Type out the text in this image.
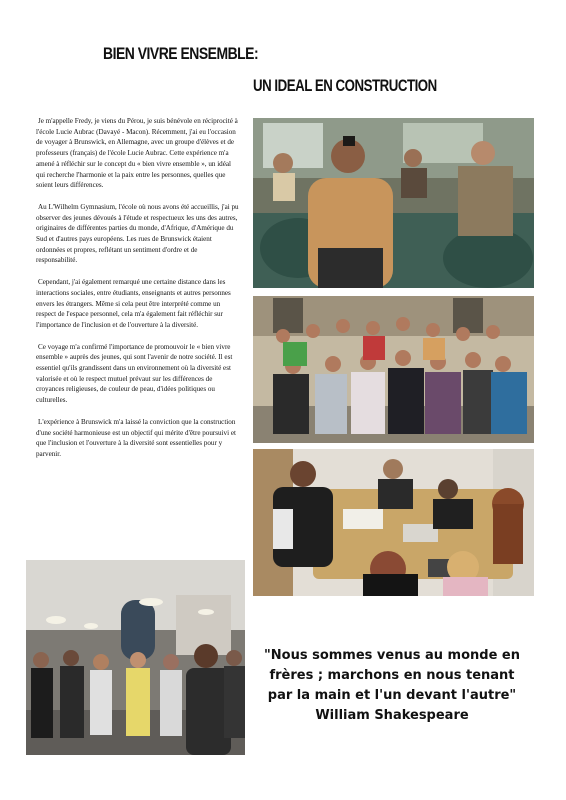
BIEN VIVRE ENSEMBLE:
UN IDEAL EN CONSTRUCTION

Je m'appelle Fredy, je viens du Pérou, je suis bénévole en réciprocité à l'école Lucie Aubrac (Davayé - Macon). Récemment, j'ai eu l'occasion de voyager à Brunswick, en Allemagne, avec un groupe d'élèves et de professeurs (français) de l'école Lucie Aubrac. Cette expérience m'a amené à réfléchir sur le concept du « bien vivre ensemble », un idéal qui recherche l'harmonie et la paix entre les personnes, quelles que soient leurs différences.

Au L'Wilhelm Gymnasium, l'école où nous avons été accueillis, j'ai pu observer des jeunes dévoués à l'étude et respectueux les uns des autres, originaires de différentes parties du monde, d'Afrique, d'Amérique du Sud et d'autres pays européens. Les rues de Brunswick étaient ordonnées et propres, reflétant un sentiment d'ordre et de responsabilité.

Cependant, j'ai également remarqué une certaine distance dans les interactions sociales, entre étudiants, enseignants et autres personnes envers les étrangers. Même si cela peut être interprété comme un respect de l'espace personnel, cela m'a également fait réfléchir sur l'importance de l'inclusion et de l'ouverture à la diversité.

Ce voyage m'a confirmé l'importance de promouvoir le « bien vivre ensemble » auprès des jeunes, qui sont l'avenir de notre société. Il est essentiel qu'ils grandissent dans un environnement où la diversité est valorisée et où le respect mutuel prévaut sur les différences de croyances religieuses, de couleur de peau, d'idées politiques ou culturelles.

L'expérience à Brunswick m'a laissé la conviction que la construction d'une société harmonieuse est un objectif qui mérite d'être poursuivi et que l'inclusion et l'ouverture à la diversité sont essentielles pour y parvenir.

"Nous sommes venus au monde en frères ; marchons en nous tenant par la main et l'un devant l'autre" William Shakespeare
